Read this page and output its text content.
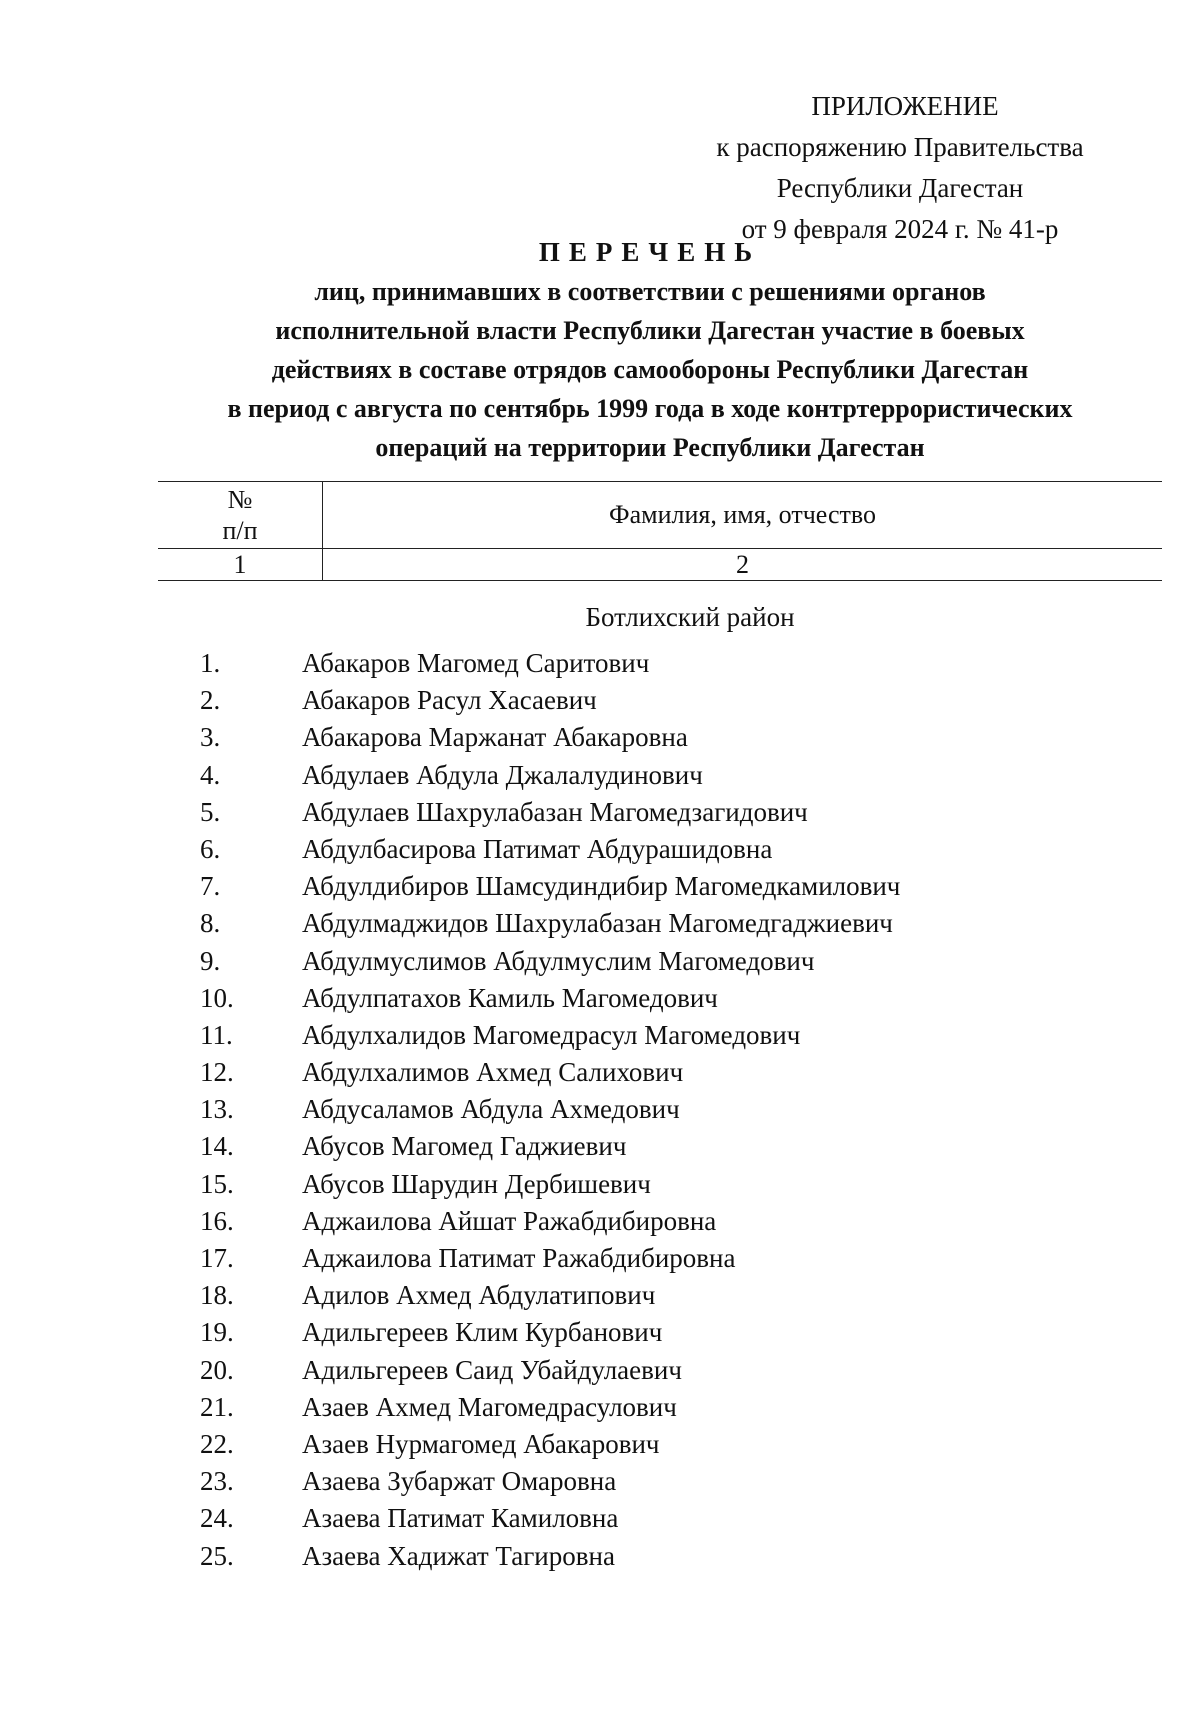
ПРИЛОЖЕНИЕ
к распоряжению Правительства
Республики Дагестан
от 9 февраля 2024 г. № 41-р
ПЕРЕЧЕНЬ
лиц, принимавших в соответствии с решениями органов
исполнительной власти Республики Дагестан участие в боевых
действиях в составе отрядов самообороны Республики Дагестан
в период с августа по сентябрь 1999 года в ходе контртеррористических
операций на территории Республики Дагестан
№
п/п	Фамилия, имя, отчество
1	2
Ботлихский район
1.	Абакаров Магомед Саритович
2.	Абакаров Расул Хасаевич
3.	Абакарова Маржанат Абакаровна
4.	Абдулаев Абдула Джалалудинович
5.	Абдулаев Шахрулабазан Магомедзагидович
6.	Абдулбасирова Патимат Абдурашидовна
7.	Абдулдибиров Шамсудиндибир Магомедкамилович
8.	Абдулмаджидов Шахрулабазан Магомедгаджиевич
9.	Абдулмуслимов Абдулмуслим Магомедович
10.	Абдулпатахов Камиль Магомедович
11.	Абдулхалидов Магомедрасул Магомедович
12.	Абдулхалимов Ахмед Салихович
13.	Абдусаламов Абдула Ахмедович
14.	Абусов Магомед Гаджиевич
15.	Абусов Шарудин Дербишевич
16.	Аджаилова Айшат Ражабдибировна
17.	Аджаилова Патимат Ражабдибировна
18.	Адилов Ахмед Абдулатипович
19.	Адильгереев Клим Курбанович
20.	Адильгереев Саид Убайдулаевич
21.	Азаев Ахмед Магомедрасулович
22.	Азаев Нурмагомед Абакарович
23.	Азаева Зубаржат Омаровна
24.	Азаева Патимат Камиловна
25.	Азаева Хадижат Тагировна
